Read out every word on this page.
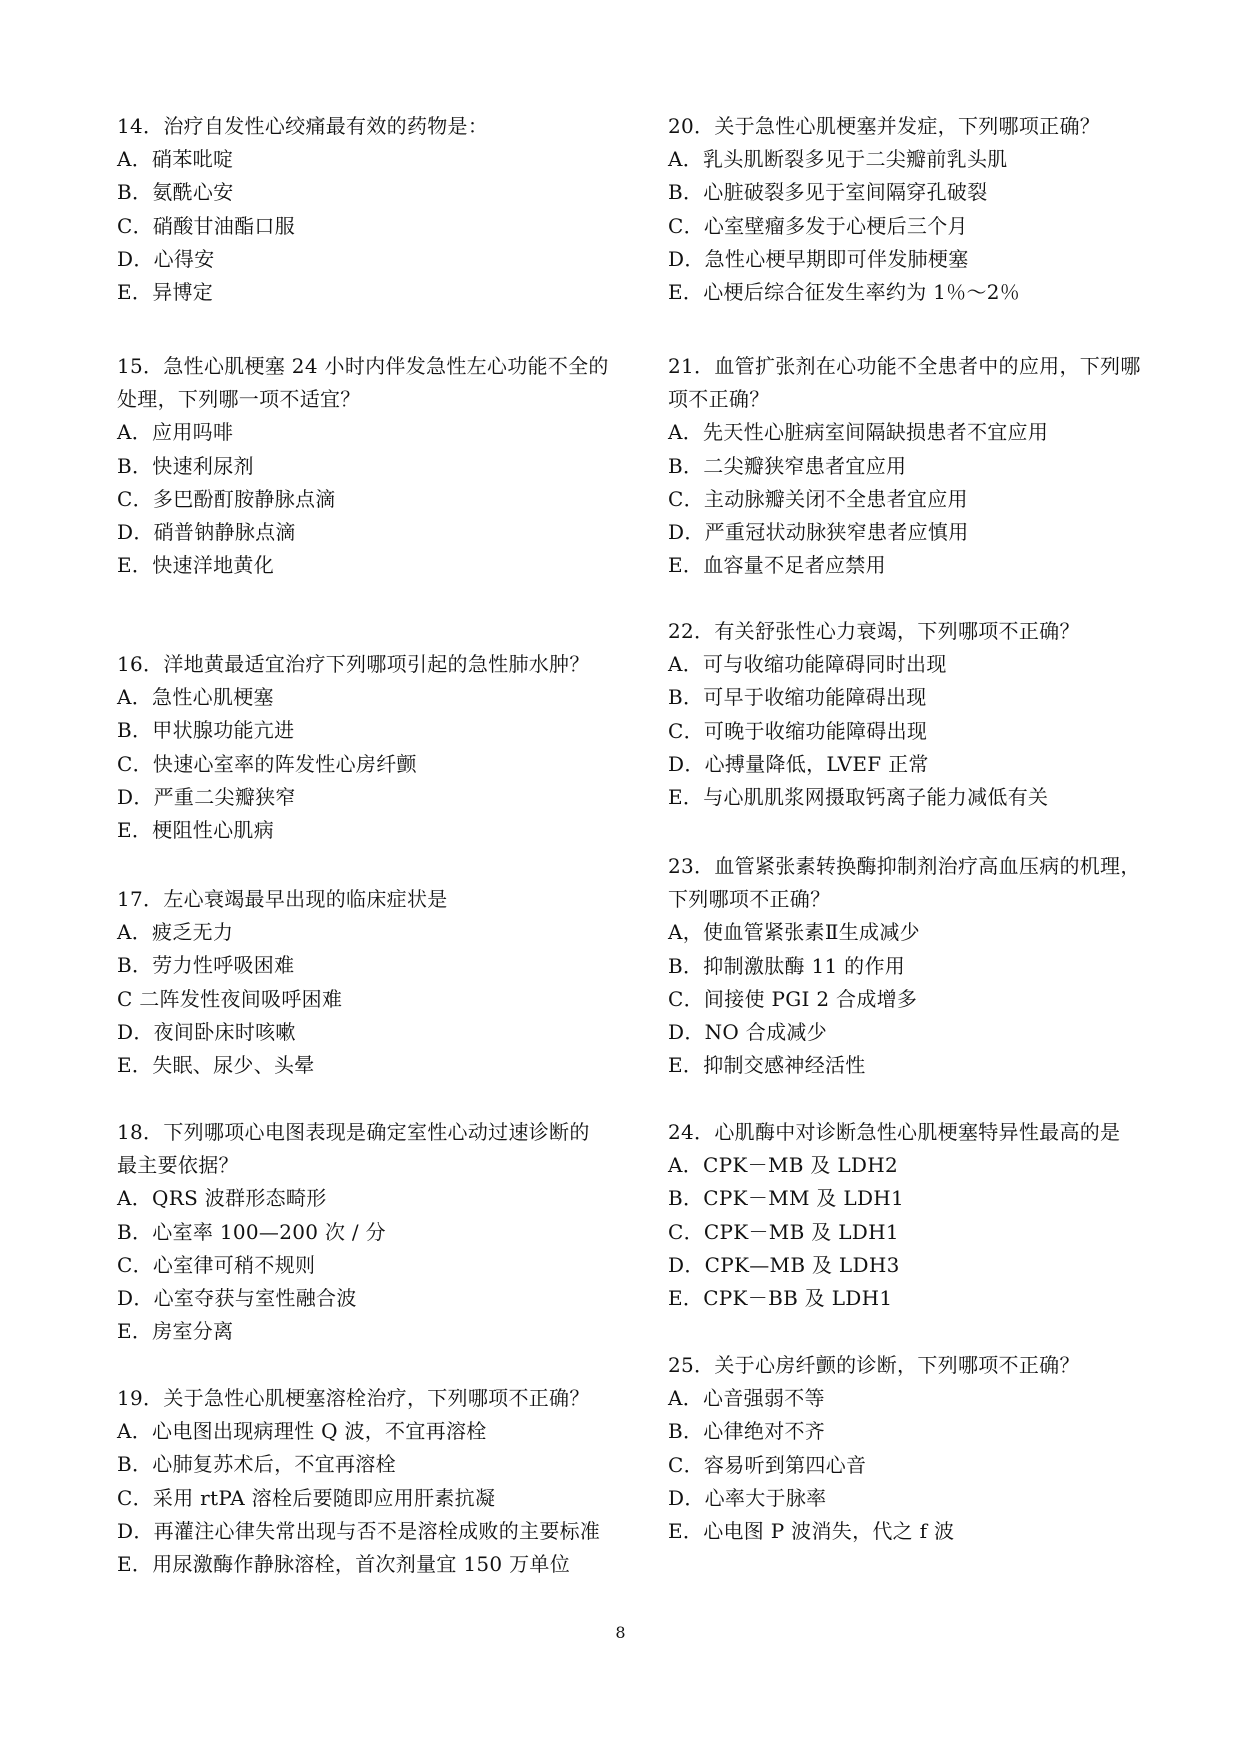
14．治疗自发性心绞痛最有效的药物是：
A．硝苯吡啶
B．氨酰心安
C．硝酸甘油酯口服
D．心得安
E．异博定
15．急性心肌梗塞 24 小时内伴发急性左心功能不全的
处理，下列哪一项不适宜？
A．应用吗啡
B．快速利尿剂
C．多巴酚酊胺静脉点滴
D．硝普钠静脉点滴
E．快速洋地黄化
16．洋地黄最适宜治疗下列哪项引起的急性肺水肿？
A．急性心肌梗塞
B．甲状腺功能亢进
C．快速心室率的阵发性心房纤颤
D．严重二尖瓣狭窄
E．梗阻性心肌病
17．左心衰竭最早出现的临床症状是
A．疲乏无力
B．劳力性呼吸困难
C 二阵发性夜间吸呼困难
D．夜间卧床时咳嗽
E．失眠、尿少、头晕
18．下列哪项心电图表现是确定室性心动过速诊断的
最主要依据？
A．QRS 波群形态畸形
B．心室率 100—200 次 / 分
C．心室律可稍不规则
D．心室夺获与室性融合波
E．房室分离
19．关于急性心肌梗塞溶栓治疗，下列哪项不正确？
A．心电图出现病理性 Q 波，不宜再溶栓
B．心肺复苏术后，不宜再溶栓
C．采用 rtPA 溶栓后要随即应用肝素抗凝
D．再灌注心律失常出现与否不是溶栓成败的主要标准
E．用尿激酶作静脉溶栓，首次剂量宜 150 万单位
20．关于急性心肌梗塞并发症，下列哪项正确？
A．乳头肌断裂多见于二尖瓣前乳头肌
B．心脏破裂多见于室间隔穿孔破裂
C．心室壁瘤多发于心梗后三个月
D．急性心梗早期即可伴发肺梗塞
E．心梗后综合征发生率约为 1％～2％
21．血管扩张剂在心功能不全患者中的应用，下列哪
项不正确？
A．先天性心脏病室间隔缺损患者不宜应用
B．二尖瓣狭窄患者宜应用
C．主动脉瓣关闭不全患者宜应用
D．严重冠状动脉狭窄患者应慎用
E．血容量不足者应禁用
22．有关舒张性心力衰竭，下列哪项不正确？
A．可与收缩功能障碍同时出现
B．可早于收缩功能障碍出现
C．可晚于收缩功能障碍出现
D．心搏量降低，LVEF 正常
E．与心肌肌浆网摄取钙离子能力减低有关
23．血管紧张素转换酶抑制剂治疗高血压病的机理，
下列哪项不正确？
A，使血管紧张素Ⅱ生成减少
B．抑制激肽酶 11 的作用
C．间接使 PGI 2 合成增多
D．NO 合成减少
E．抑制交感神经活性
24．心肌酶中对诊断急性心肌梗塞特异性最高的是
A．CPK－MB 及 LDH2
B．CPK－MM 及 LDH1
C．CPK－MB 及 LDH1
D．CPK—MB 及 LDH3
E．CPK－BB 及 LDH1
25．关于心房纤颤的诊断，下列哪项不正确？
A．心音强弱不等
B．心律绝对不齐
C．容易听到第四心音
D．心率大于脉率
E．心电图 P 波消失，代之 f 波
8
